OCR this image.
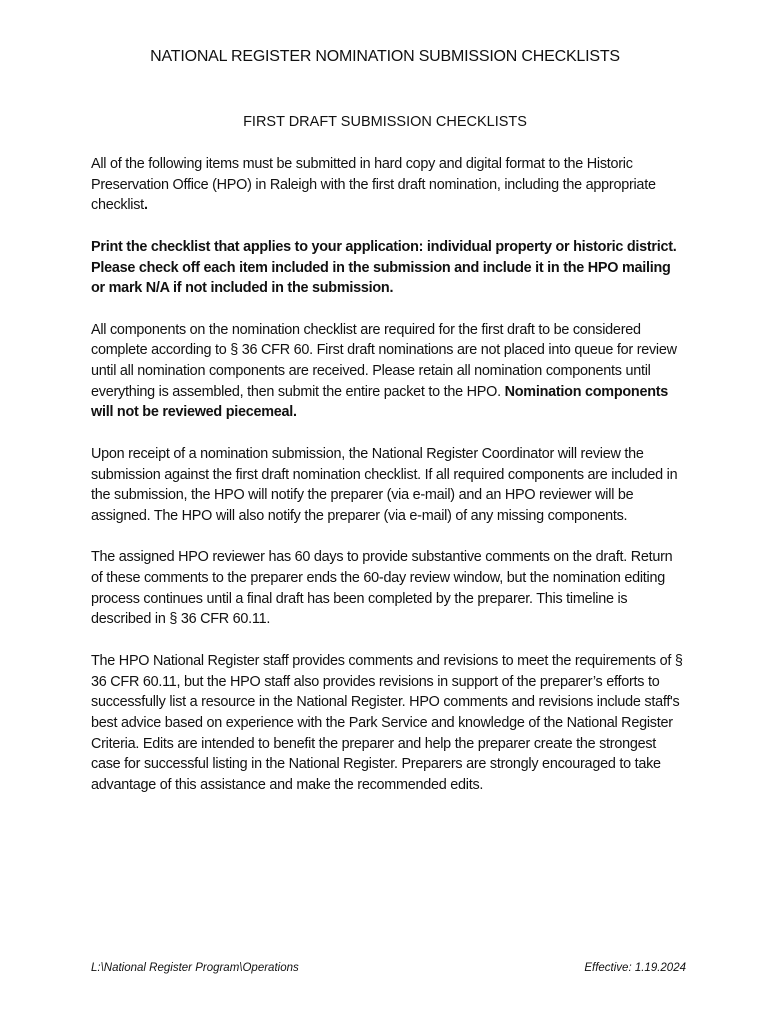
NATIONAL REGISTER NOMINATION SUBMISSION CHECKLISTS
FIRST DRAFT SUBMISSION CHECKLISTS

All of the following items must be submitted in hard copy and digital format to the Historic Preservation Office (HPO) in Raleigh with the first draft nomination, including the appropriate checklist.

Print the checklist that applies to your application: individual property or historic district. Please check off each item included in the submission and include it in the HPO mailing or mark N/A if not included in the submission.

All components on the nomination checklist are required for the first draft to be considered complete according to § 36 CFR 60. First draft nominations are not placed into queue for review until all nomination components are received. Please retain all nomination components until everything is assembled, then submit the entire packet to the HPO. Nomination components will not be reviewed piecemeal.

Upon receipt of a nomination submission, the National Register Coordinator will review the submission against the first draft nomination checklist. If all required components are included in the submission, the HPO will notify the preparer (via e-mail) and an HPO reviewer will be assigned. The HPO will also notify the preparer (via e-mail) of any missing components.

The assigned HPO reviewer has 60 days to provide substantive comments on the draft. Return of these comments to the preparer ends the 60-day review window, but the nomination editing process continues until a final draft has been completed by the preparer. This timeline is described in § 36 CFR 60.11.

The HPO National Register staff provides comments and revisions to meet the requirements of § 36 CFR 60.11, but the HPO staff also provides revisions in support of the preparer’s efforts to successfully list a resource in the National Register. HPO comments and revisions include staff's best advice based on experience with the Park Service and knowledge of the National Register Criteria. Edits are intended to benefit the preparer and help the preparer create the strongest case for successful listing in the National Register. Preparers are strongly encouraged to take advantage of this assistance and make the recommended edits.

L:\National Register Program\Operations	Effective: 1.19.2024
